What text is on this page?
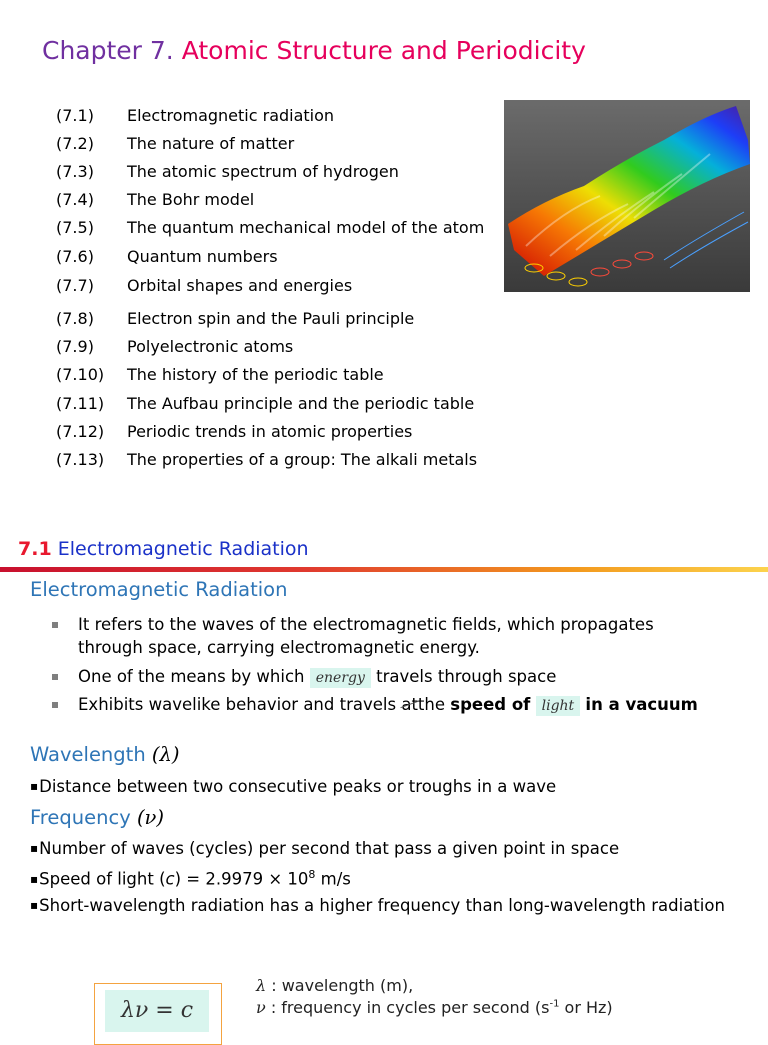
Chapter 7. Atomic Structure and Periodicity
(7.1) Electromagnetic radiation
(7.2) The nature of matter
(7.3) The atomic spectrum of hydrogen
(7.4) The Bohr model
(7.5) The quantum mechanical model of the atom
(7.6) Quantum numbers
(7.7) Orbital shapes and energies
(7.8) Electron spin and the Pauli principle
(7.9) Polyelectronic atoms
(7.10) The history of the periodic table
(7.11) The Aufbau principle and the periodic table
(7.12) Periodic trends in atomic properties
(7.13) The properties of a group: The alkali metals
7.1 Electromagnetic Radiation
Electromagnetic Radiation
It refers to the waves of the electromagnetic fields, which propagates through space, carrying electromagnetic energy.
One of the means by which energy travels through space
Exhibits wavelike behavior and travels atthe speed of light in a vacuum
Wavelength (λ)
▪Distance between two consecutive peaks or troughs in a wave
Frequency (ν)
▪Number of waves (cycles) per second that pass a given point in space
▪Speed of light $(c) = 2.9979 \times 10^8$ m/s
▪Short-wavelength radiation has a higher frequency than long-wavelength radiation
λν = c
λ : wavelength (m),
ν : frequency in cycles per second ($s^{-1}$ or Hz)
